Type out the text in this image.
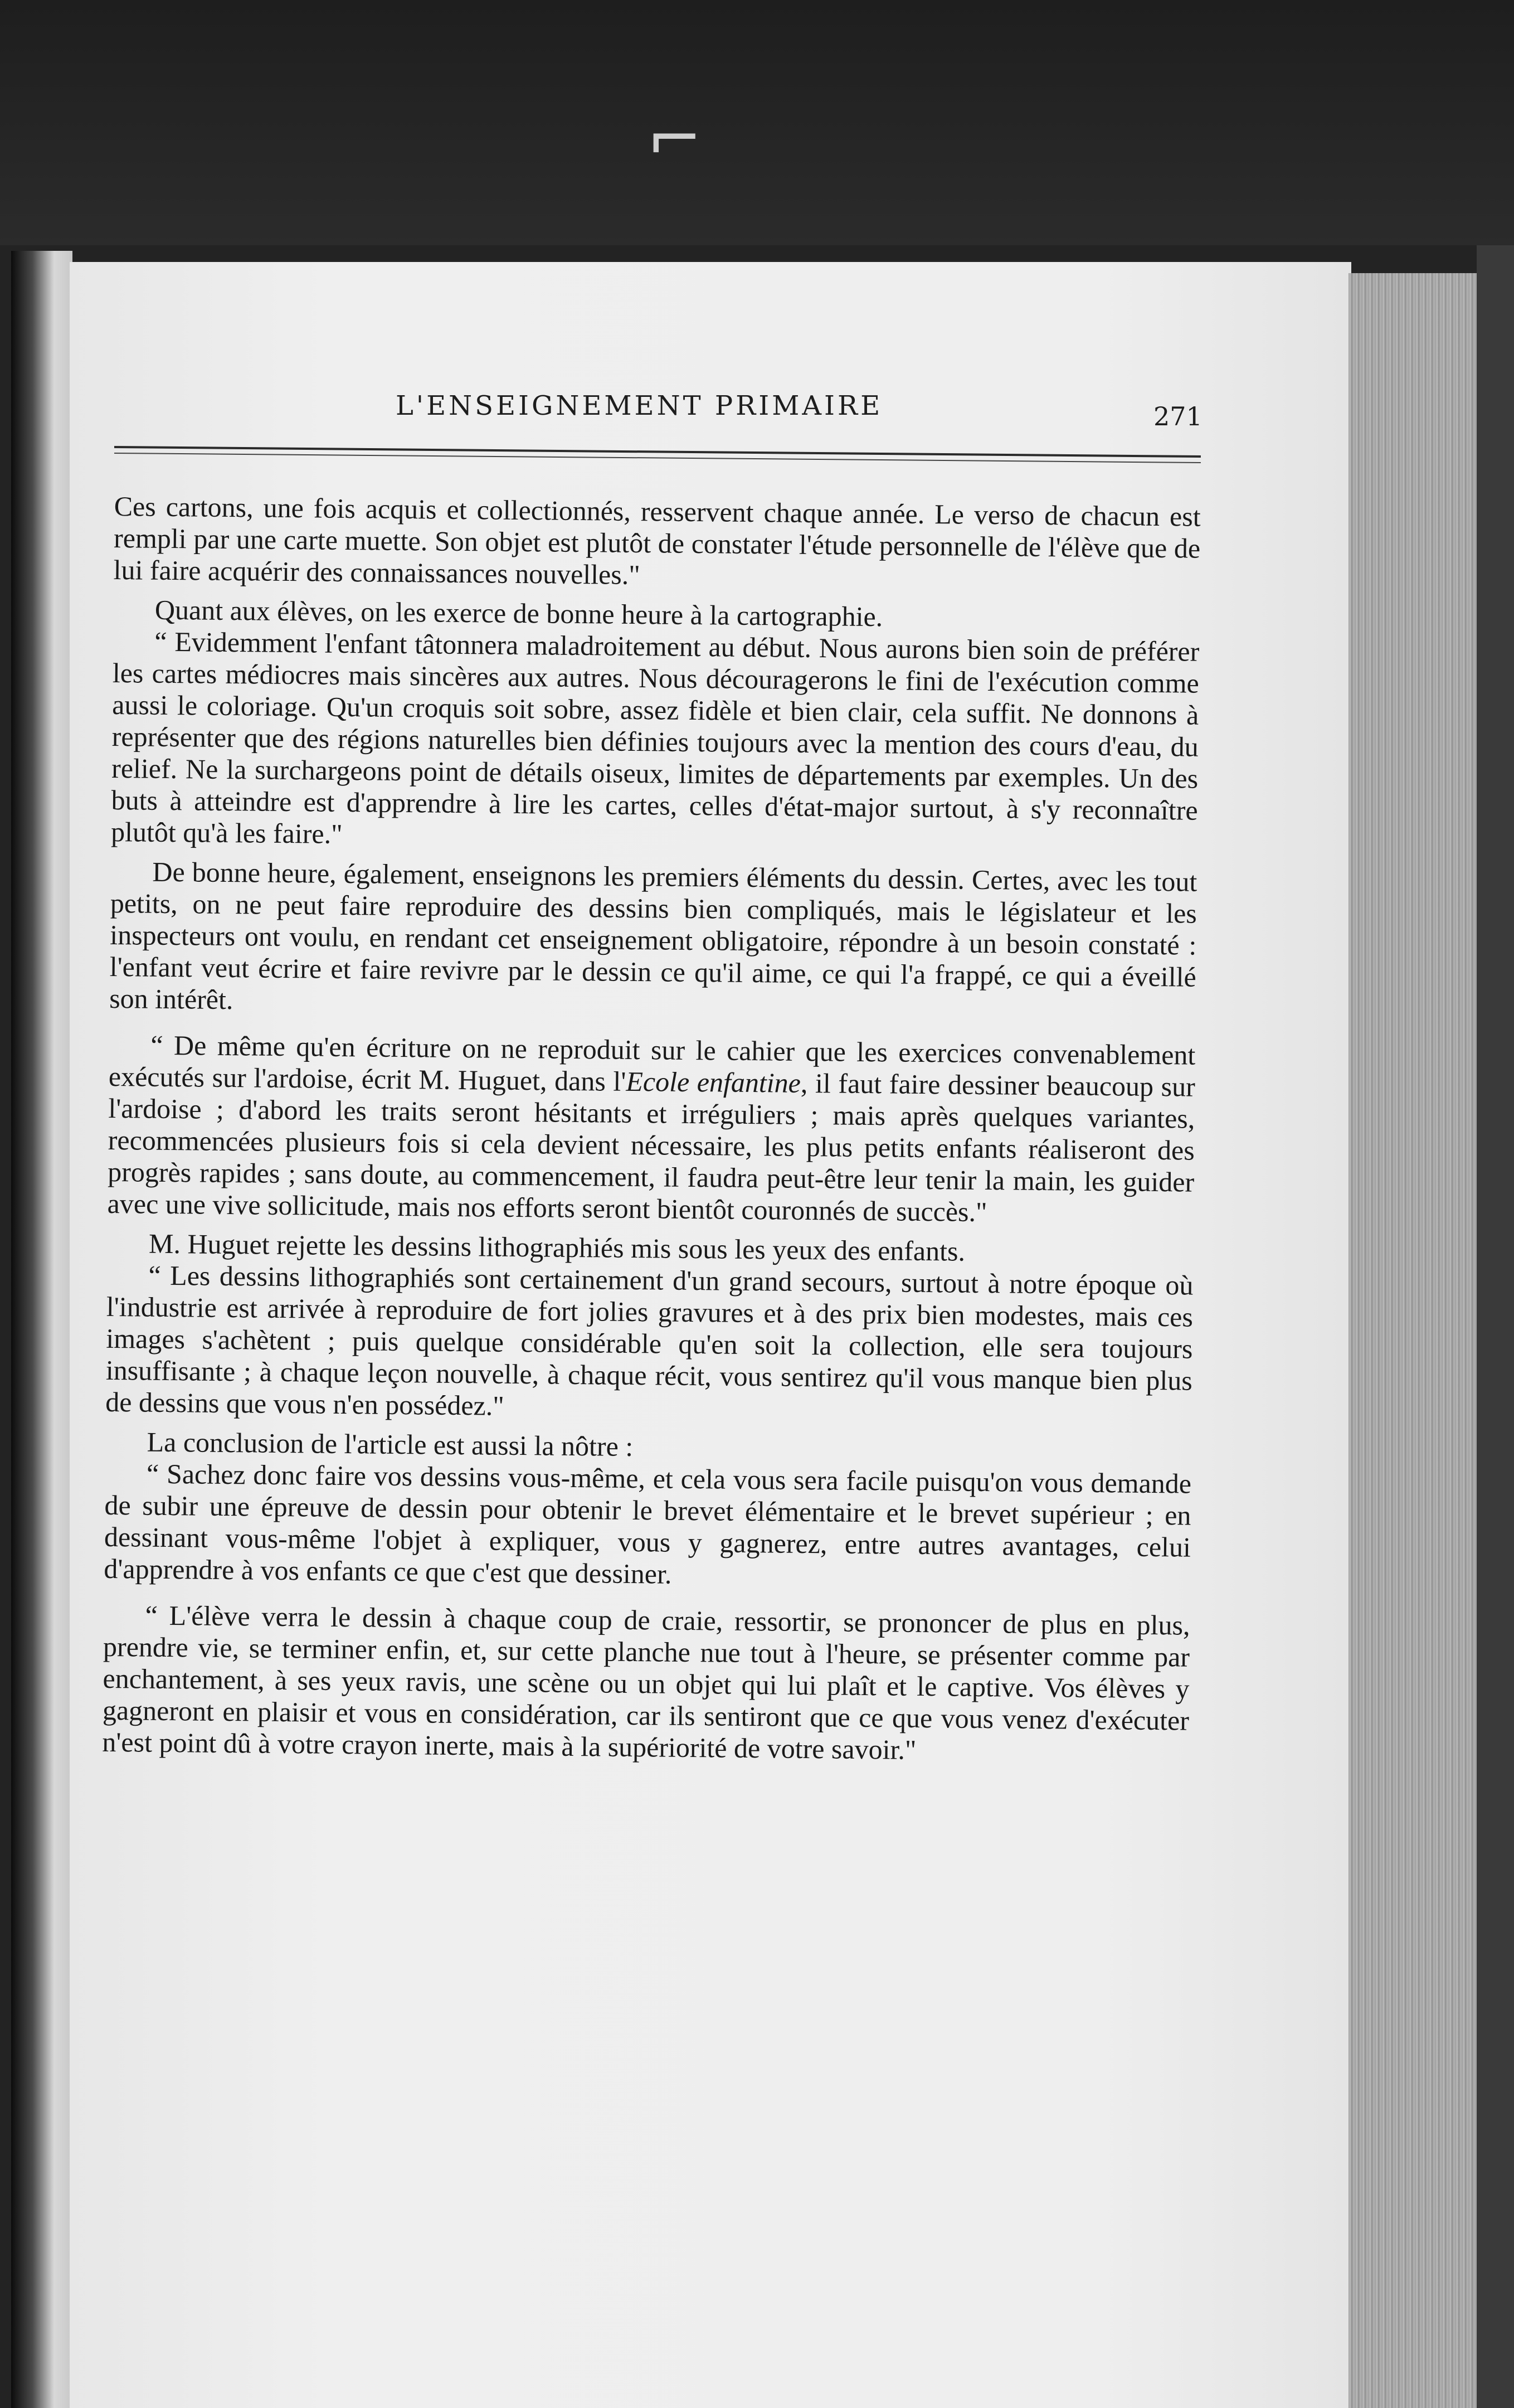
⌐
L'ENSEIGNEMENT PRIMAIRE	271

Ces cartons, une fois acquis et collectionnés, resservent chaque année. Le verso de chacun est rempli par une carte muette. Son objet est plutôt de constater l'étude personnelle de l'élève que de lui faire acquérir des connaissances nouvelles."

Quant aux élèves, on les exerce de bonne heure à la cartographie.

“ Evidemment l'enfant tâtonnera maladroitement au début. Nous aurons bien soin de préférer les cartes médiocres mais sincères aux autres. Nous découragerons le fini de l'exécution comme aussi le coloriage. Qu'un croquis soit sobre, assez fidèle et bien clair, cela suffit. Ne donnons à représenter que des régions naturelles bien définies toujours avec la mention des cours d'eau, du relief. Ne la surchargeons point de détails oiseux, limites de départements par exemples. Un des buts à atteindre est d'apprendre à lire les cartes, celles d'état-major surtout, à s'y reconnaître plutôt qu'à les faire."

De bonne heure, également, enseignons les premiers éléments du dessin. Certes, avec les tout petits, on ne peut faire reproduire des dessins bien compliqués, mais le législateur et les inspecteurs ont voulu, en rendant cet enseignement obligatoire, répondre à un besoin constaté : l'enfant veut écrire et faire revivre par le dessin ce qu'il aime, ce qui l'a frappé, ce qui a éveillé son intérêt.

“ De même qu'en écriture on ne reproduit sur le cahier que les exercices convenablement exécutés sur l'ardoise, écrit M. Huguet, dans l'Ecole enfantine, il faut faire dessiner beaucoup sur l'ardoise ; d'abord les traits seront hésitants et irréguliers ; mais après quelques variantes, recommencées plusieurs fois si cela devient nécessaire, les plus petits enfants réaliseront des progrès rapides ; sans doute, au commencement, il faudra peut-être leur tenir la main, les guider avec une vive sollicitude, mais nos efforts seront bientôt couronnés de succès."

M. Huguet rejette les dessins lithographiés mis sous les yeux des enfants.

“ Les dessins lithographiés sont certainement d'un grand secours, surtout à notre époque où l'industrie est arrivée à reproduire de fort jolies gravures et à des prix bien modestes, mais ces images s'achètent ; puis quelque considérable qu'en soit la collection, elle sera toujours insuffisante ; à chaque leçon nouvelle, à chaque récit, vous sentirez qu'il vous manque bien plus de dessins que vous n'en possédez."

La conclusion de l'article est aussi la nôtre :

“ Sachez donc faire vos dessins vous-même, et cela vous sera facile puisqu'on vous demande de subir une épreuve de dessin pour obtenir le brevet élémentaire et le brevet supérieur ; en dessinant vous-même l'objet à expliquer, vous y gagnerez, entre autres avantages, celui d'apprendre à vos enfants ce que c'est que dessiner.

“ L'élève verra le dessin à chaque coup de craie, ressortir, se prononcer de plus en plus, prendre vie, se terminer enfin, et, sur cette planche nue tout à l'heure, se présenter comme par enchantement, à ses yeux ravis, une scène ou un objet qui lui plaît et le captive. Vos élèves y gagneront en plaisir et vous en considération, car ils sentiront que ce que vous venez d'exécuter n'est point dû à votre crayon inerte, mais à la supériorité de votre savoir."
